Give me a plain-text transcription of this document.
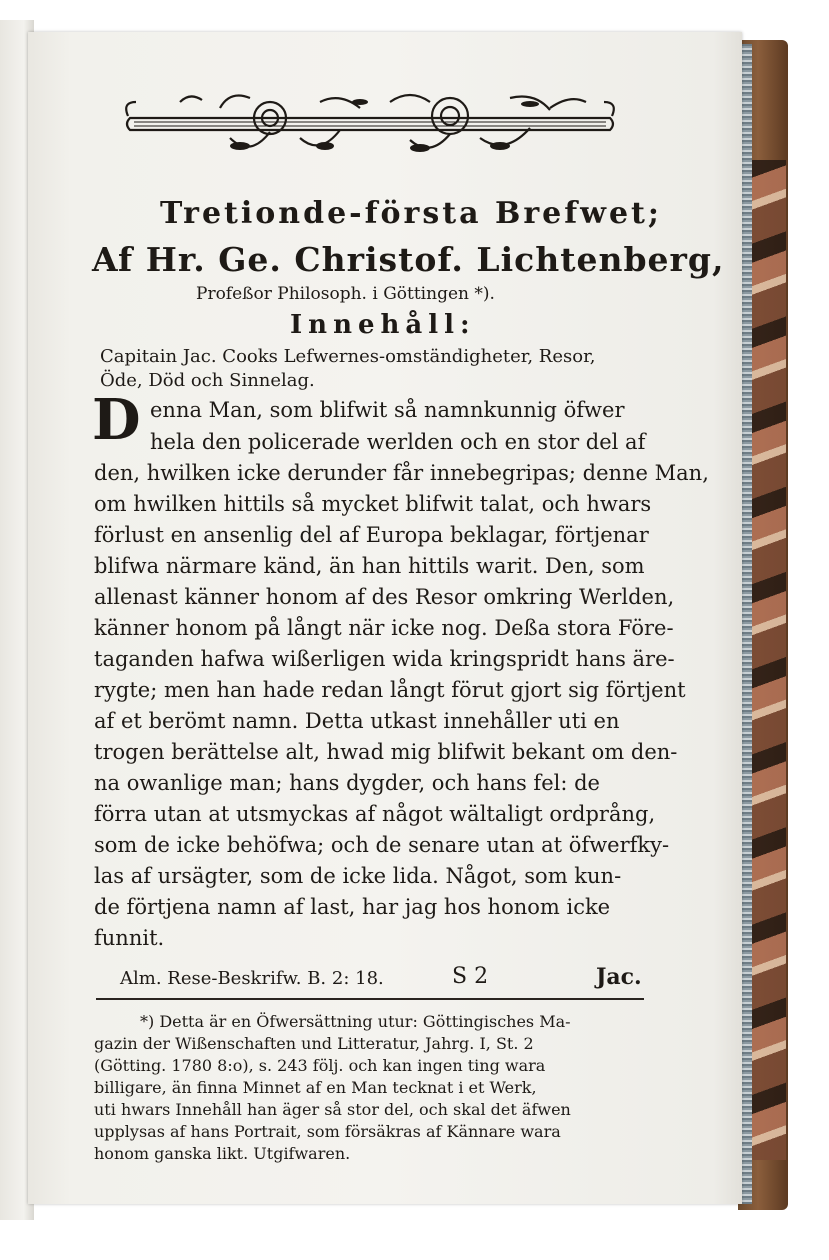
Tretionde-första Brefwet;
Af Hr. Ge. Christof. Lichtenberg,
Profeßor Philosoph. i Göttingen *).
Innehåll:
Capitain Jac. Cooks Lefwernes-omständigheter, Resor,
Öde, Död och Sinnelag.
D enna Man, som blifwit så namnkunnig öfwer
hela den policerade werlden och en stor del af
den, hwilken icke derunder får innebegripas; denne Man,
om hwilken hittils så mycket blifwit talat, och hwars
förlust en ansenlig del af Europa beklagar, förtjenar
blifwa närmare känd, än han hittils warit. Den, som
allenast känner honom af des Resor omkring Werlden,
känner honom på långt när icke nog. Deßa stora Före-
taganden hafwa wißerligen wida kringspridt hans äre-
rygte; men han hade redan långt förut gjort sig förtjent
af et berömt namn. Detta utkast innehåller uti en
trogen berättelse alt, hwad mig blifwit bekant om den-
na owanlige man; hans dygder, och hans fel: de
förra utan at utsmyckas af något wältaligt ordprång,
som de icke behöfwa; och de senare utan at öfwerfky-
las af ursägter, som de icke lida. Något, som kun-
de förtjena namn af last, har jag hos honom icke
funnit.
Alm. Rese-Beskrifw. B. 2: 18.	S 2	Jac.
*) Detta är en Öfwersättning utur: Göttingisches Ma-
gazin der Wißenschaften und Litteratur, Jahrg. I, St. 2
(Götting. 1780 8:o), s. 243 följ. och kan ingen ting wara
billigare, än finna Minnet af en Man tecknat i et Werk,
uti hwars Innehåll han äger så stor del, och skal det äfwen
upplysas af hans Portrait, som försäkras af Kännare wara
honom ganska likt. Utgifwaren.
